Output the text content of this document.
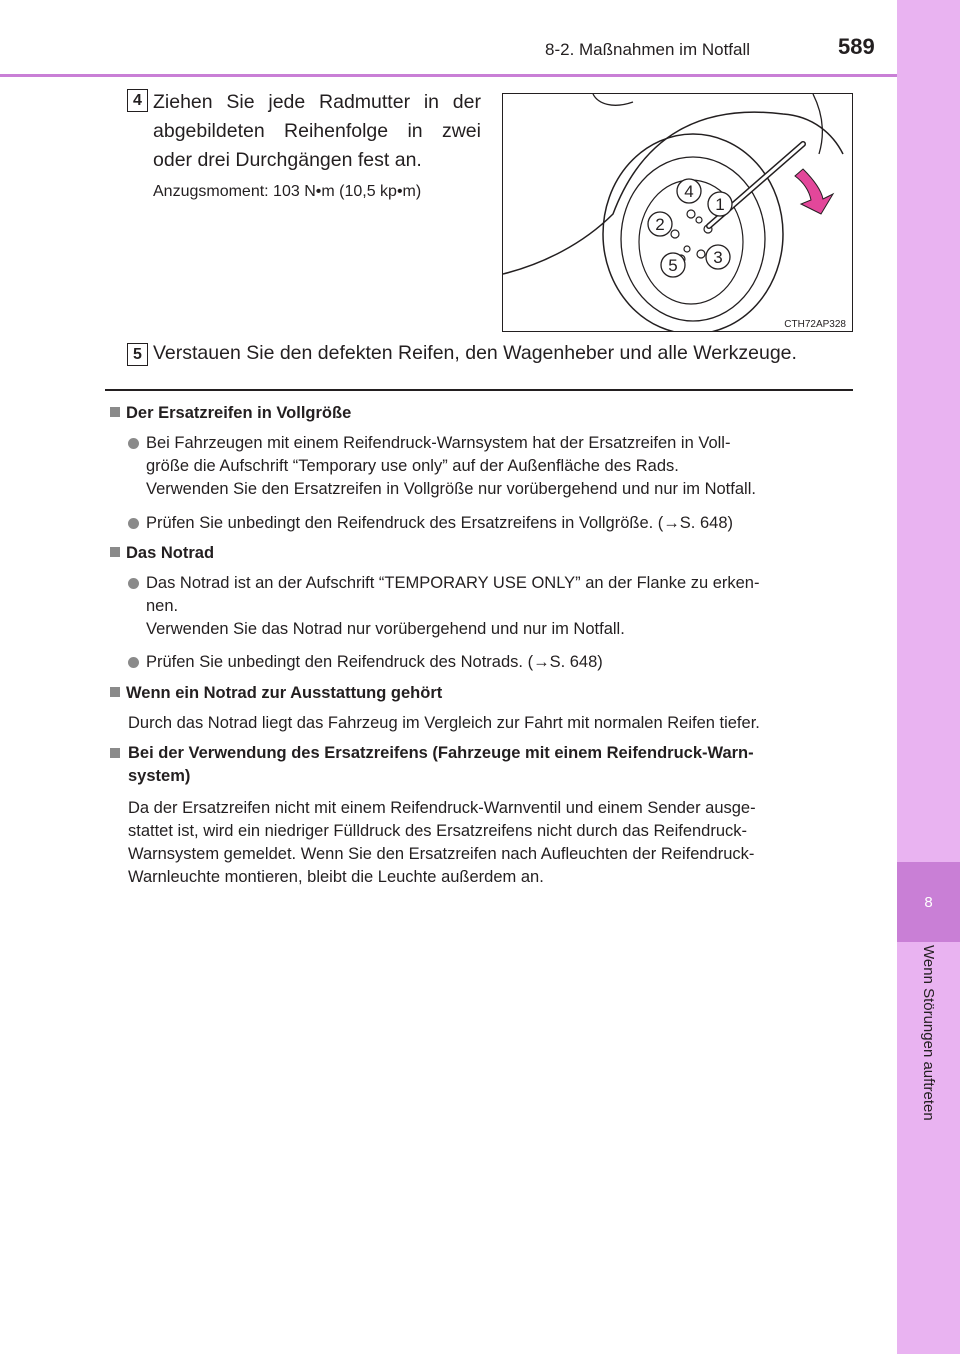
8
Wenn Störungen auftreten
8-2. Maßnahmen im Notfall	589
4 Ziehen Sie jede Radmutter in der abgebildeten Reihenfolge in zwei oder drei Durchgängen fest an.
Anzugsmoment: 103 N•m (10,5 kp•m)	4
1
2
3
5
CTH72AP328
5 Verstauen Sie den defekten Reifen, den Wagenheber und alle Werkzeuge.
Der Ersatzreifen in Vollgröße
Bei Fahrzeugen mit einem Reifendruck-Warnsystem hat der Ersatzreifen in Voll-
größe die Aufschrift “Temporary use only” auf der Außenfläche des Rads.
Verwenden Sie den Ersatzreifen in Vollgröße nur vorübergehend und nur im Notfall.
Prüfen Sie unbedingt den Reifendruck des Ersatzreifens in Vollgröße. (→S. 648)
Das Notrad
Das Notrad ist an der Aufschrift “TEMPORARY USE ONLY” an der Flanke zu erken-
nen.
Verwenden Sie das Notrad nur vorübergehend und nur im Notfall.
Prüfen Sie unbedingt den Reifendruck des Notrads. (→S. 648)
Wenn ein Notrad zur Ausstattung gehört
Durch das Notrad liegt das Fahrzeug im Vergleich zur Fahrt mit normalen Reifen tiefer.
Bei der Verwendung des Ersatzreifens (Fahrzeuge mit einem Reifendruck-Warn-
system)
Da der Ersatzreifen nicht mit einem Reifendruck-Warnventil und einem Sender ausge-
stattet ist, wird ein niedriger Fülldruck des Ersatzreifens nicht durch das Reifendruck-
Warnsystem gemeldet. Wenn Sie den Ersatzreifen nach Aufleuchten der Reifendruck-
Warnleuchte montieren, bleibt die Leuchte außerdem an.
